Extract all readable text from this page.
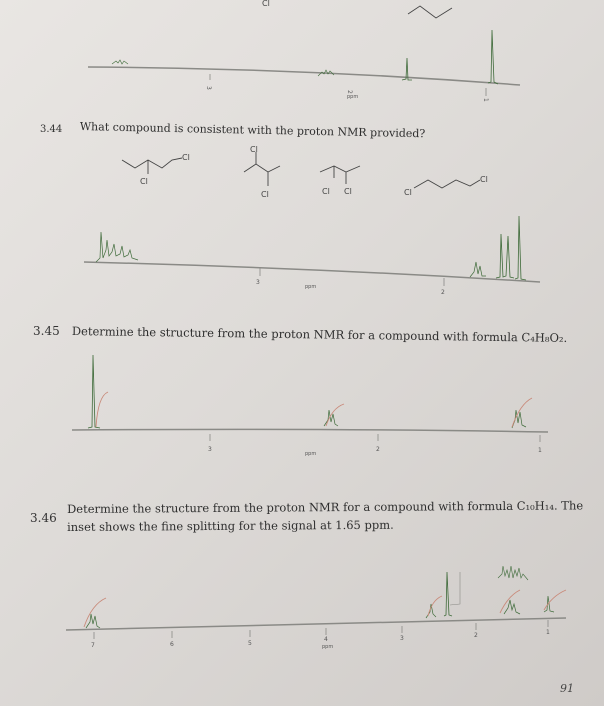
3.44 What compound is consistent with the proton NMR provided?
3.45 Determine the structure from the proton NMR for a compound with formula C₄H₈O₂.
3.46
Determine the structure from the proton NMR for a compound with formula C₁₀H₁₄. The
inset shows the fine splitting for the signal at 1.65 ppm.
91
Cl
ppm
3
2
1
Cl
Cl
Cl
Cl	Cl Cl	Cl
Cl
ppm
3
2
ppm
3	2	1
ppm
7	6	5
4	3	2	1
